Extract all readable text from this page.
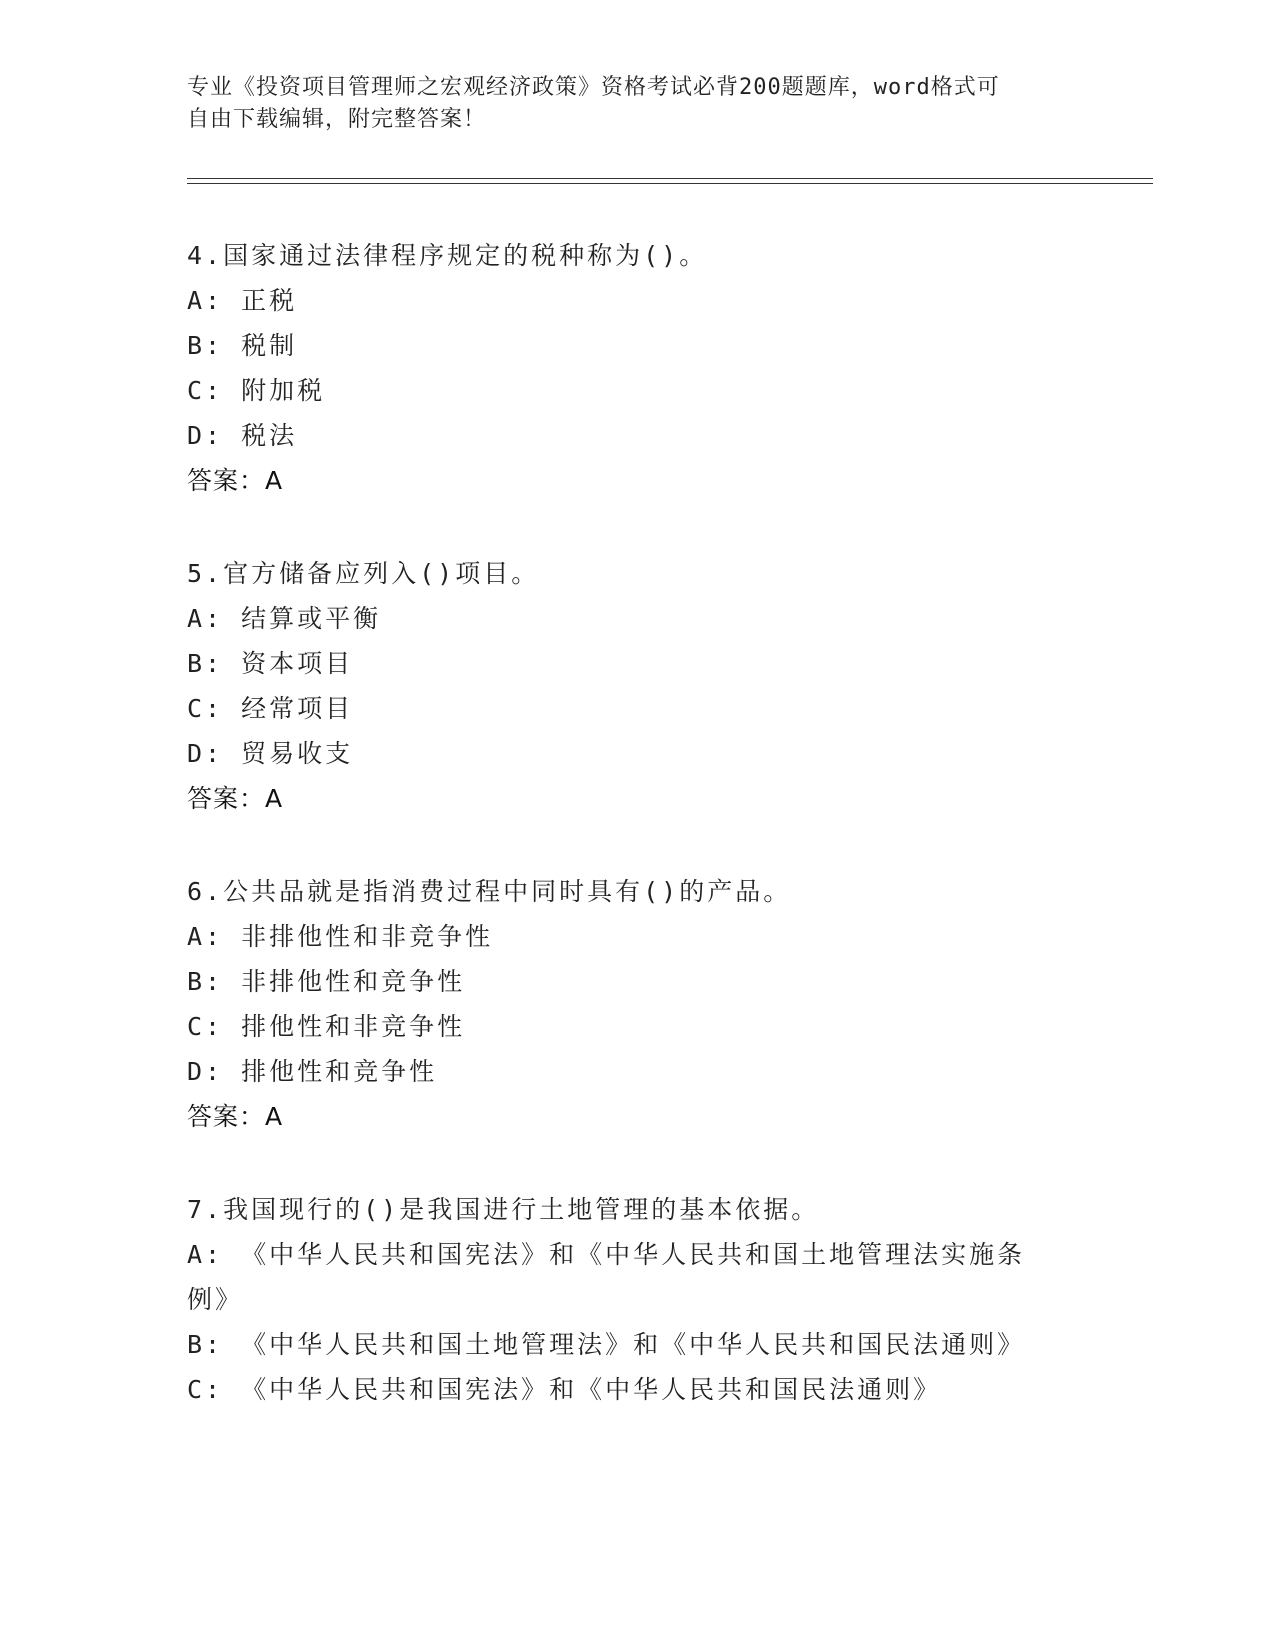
专业《投资项目管理师之宏观经济政策》资格考试必背200题题库，word格式可
自由下载编辑，附完整答案！
4.国家通过法律程序规定的税种称为()。
A: 正税
B: 税制
C: 附加税
D: 税法
答案：A
5.官方储备应列入()项目。
A: 结算或平衡
B: 资本项目
C: 经常项目
D: 贸易收支
答案：A
6.公共品就是指消费过程中同时具有()的产品。
A: 非排他性和非竞争性
B: 非排他性和竞争性
C: 排他性和非竞争性
D: 排他性和竞争性
答案：A
7.我国现行的()是我国进行土地管理的基本依据。
A: 《中华人民共和国宪法》和《中华人民共和国土地管理法实施条例》
B: 《中华人民共和国土地管理法》和《中华人民共和国民法通则》
C: 《中华人民共和国宪法》和《中华人民共和国民法通则》
